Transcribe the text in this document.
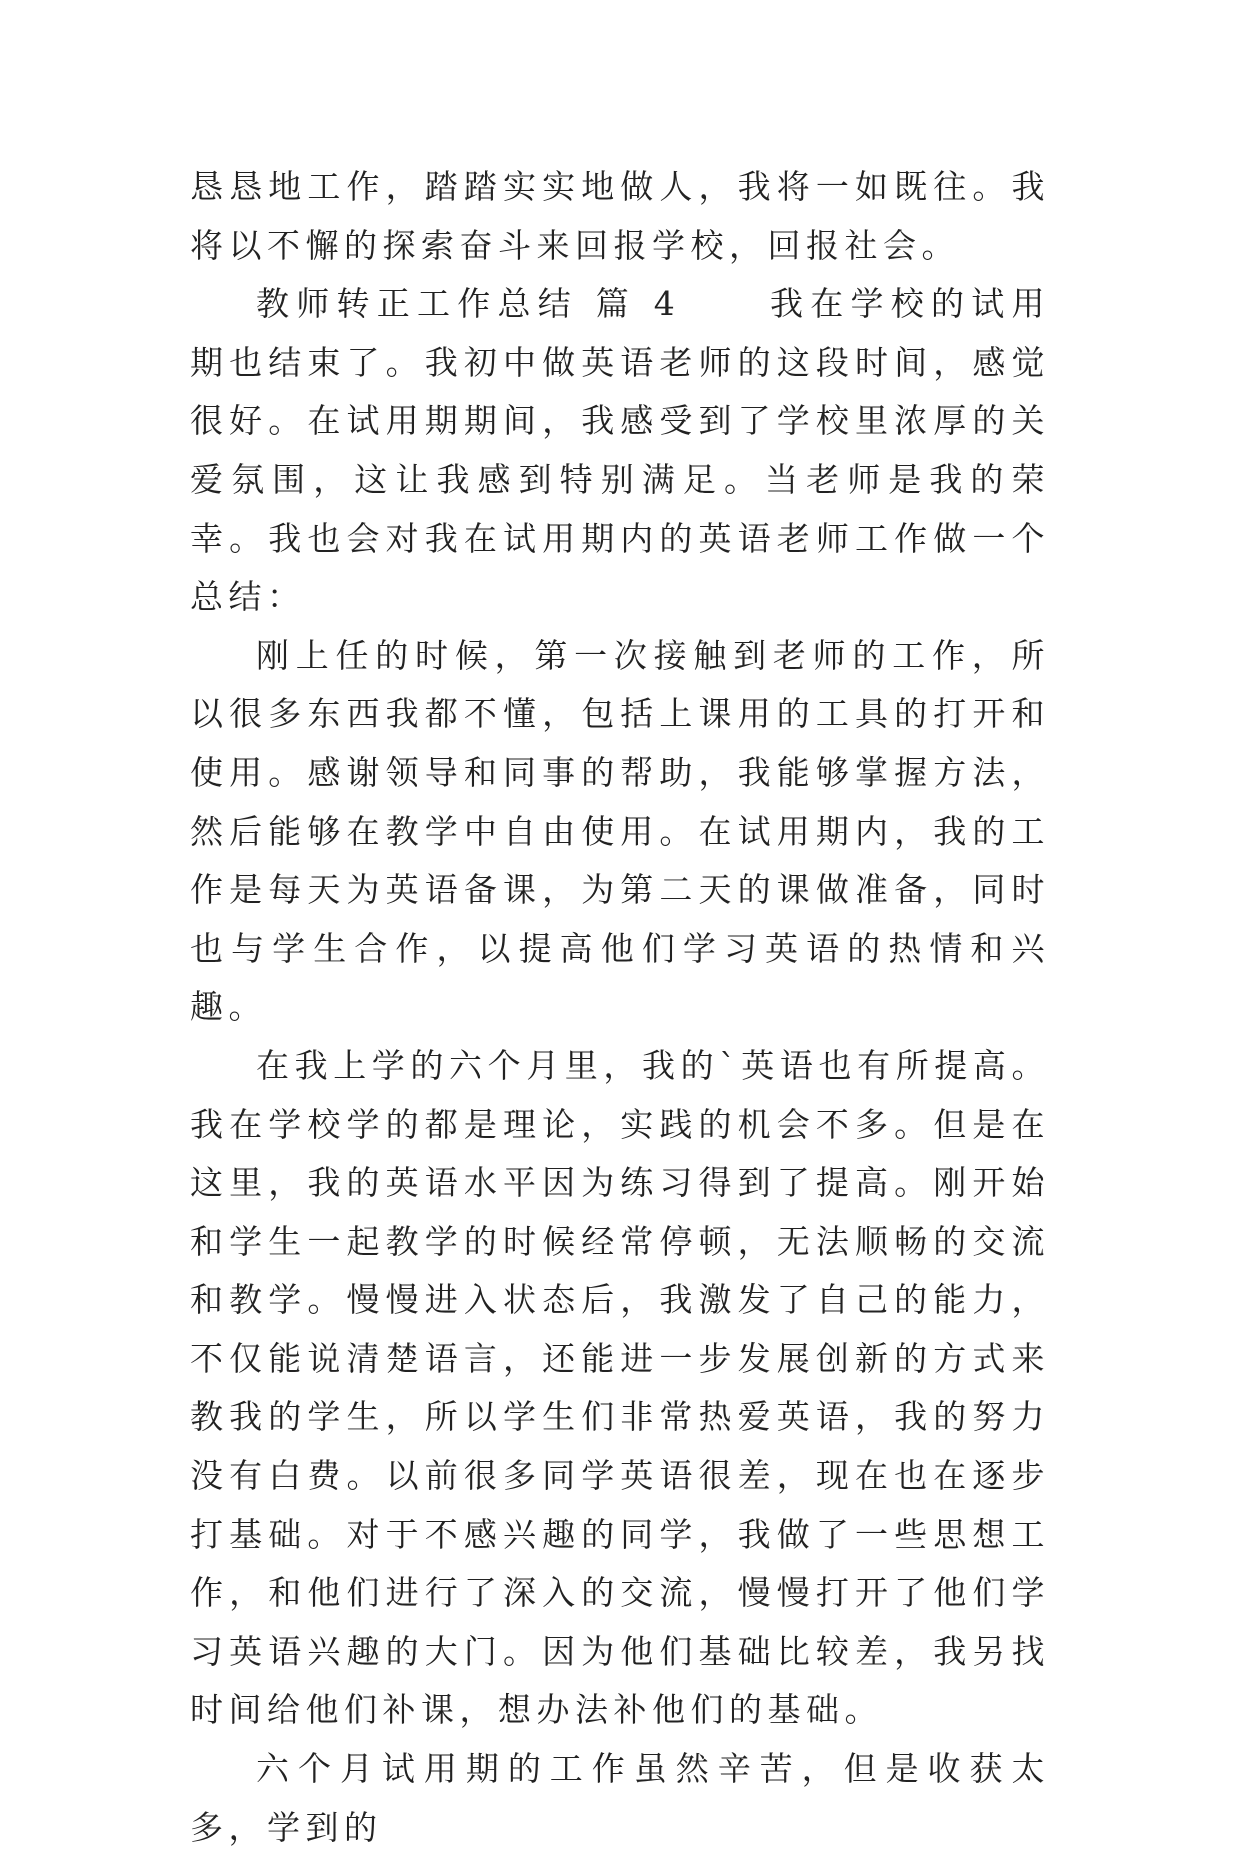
恳恳地工作，踏踏实实地做人，我将一如既往。我将以不懈的探索奋斗来回报学校，回报社会。

教师转正工作总结 篇 4	我在学校的试用期也结束了。我初中做英语老师的这段时间，感觉很好。在试用期期间，我感受到了学校里浓厚的关爱氛围，这让我感到特别满足。当老师是我的荣幸。我也会对我在试用期内的英语老师工作做一个总结：

刚上任的时候，第一次接触到老师的工作，所以很多东西我都不懂，包括上课用的工具的打开和使用。感谢领导和同事的帮助，我能够掌握方法，然后能够在教学中自由使用。在试用期内，我的工作是每天为英语备课，为第二天的课做准备，同时也与学生合作，以提高他们学习英语的热情和兴趣。

在我上学的六个月里，我的`英语也有所提高。我在学校学的都是理论，实践的机会不多。但是在这里，我的英语水平因为练习得到了提高。刚开始和学生一起教学的时候经常停顿，无法顺畅的交流和教学。慢慢进入状态后，我激发了自己的能力，不仅能说清楚语言，还能进一步发展创新的方式来教我的学生，所以学生们非常热爱英语，我的努力没有白费。以前很多同学英语很差，现在也在逐步打基础。对于不感兴趣的同学，我做了一些思想工作，和他们进行了深入的交流，慢慢打开了他们学习英语兴趣的大门。因为他们基础比较差，我另找时间给他们补课，想办法补他们的基础。

六个月试用期的工作虽然辛苦，但是收获太多，学到的
